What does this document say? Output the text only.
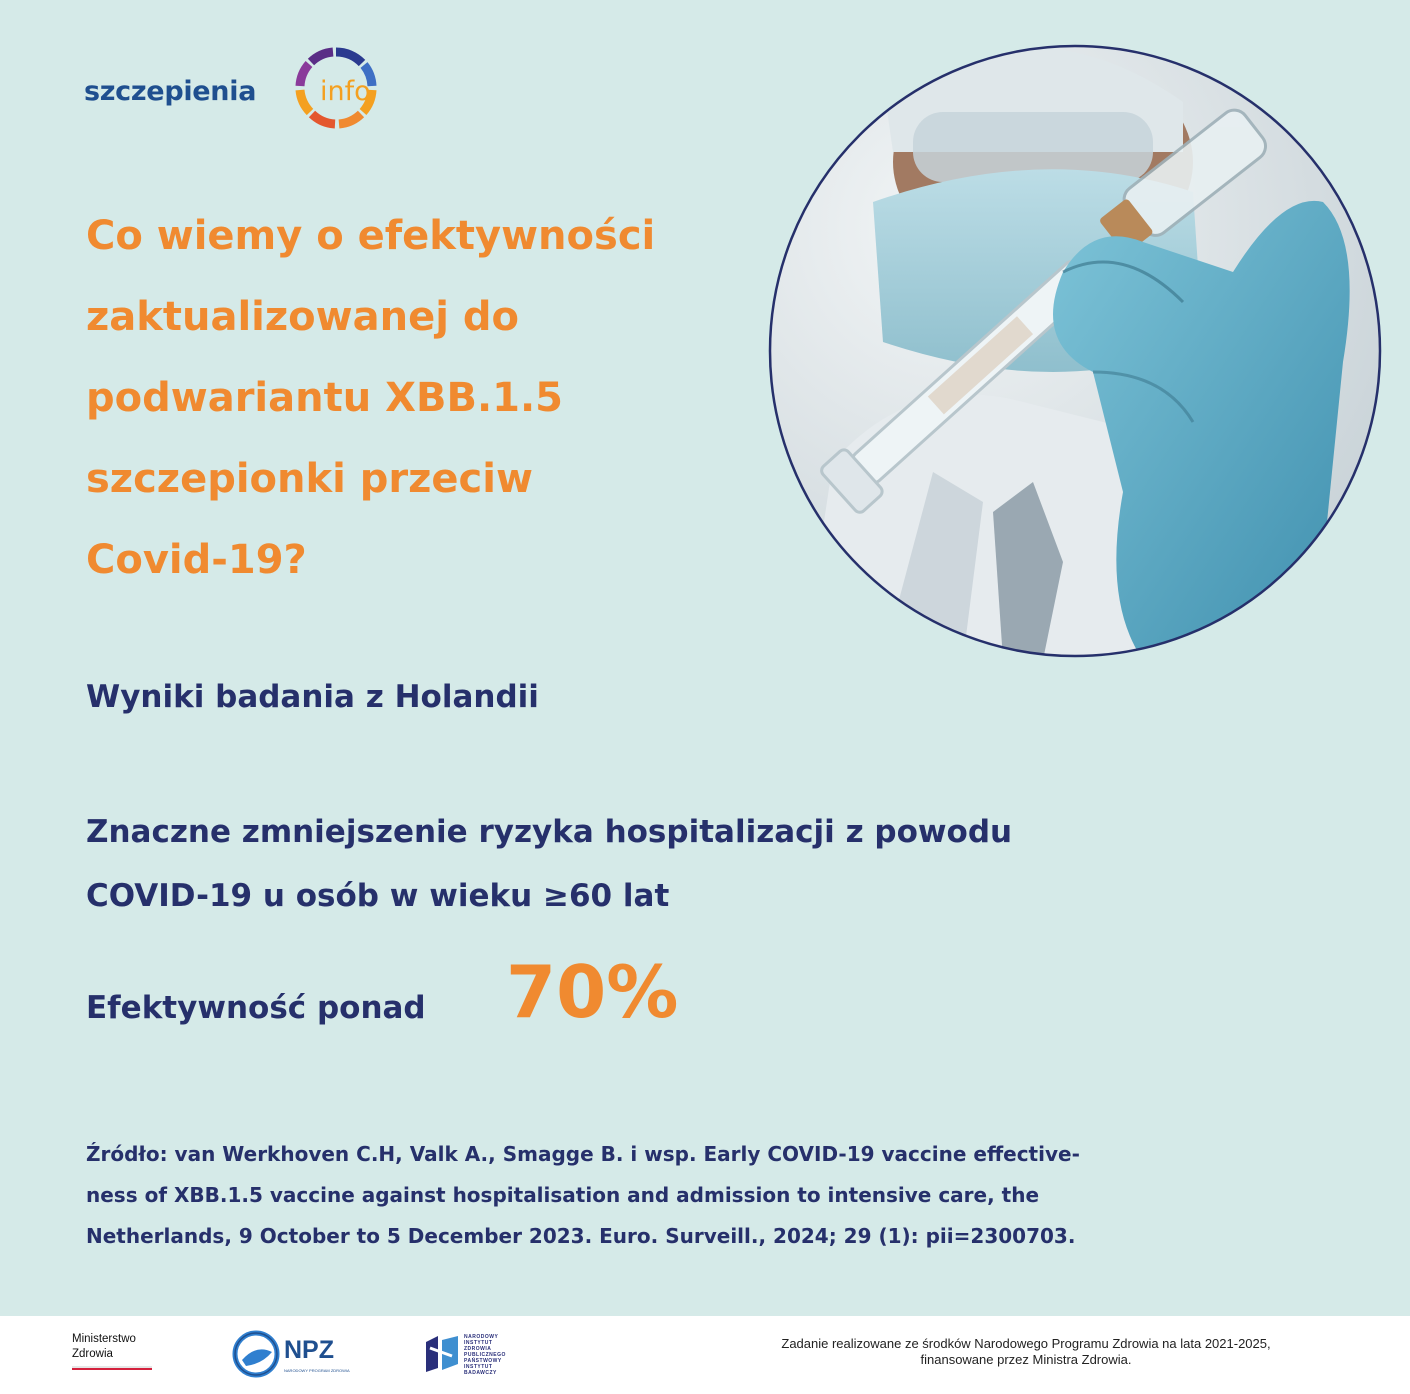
szczepienia info
Co wiemy o efektywności
zaktualizowanej do
podwariantu XBB.1.5
szczepionki przeciw
Covid-19?
Wyniki badania z Holandii

Znaczne zmniejszenie ryzyka hospitalizacji z powodu
COVID-19 u osób w wieku ≥60 lat

Efektywność ponad 70%

Źródło: van Werkhoven C.H, Valk A., Smagge B. i wsp. Early COVID-19 vaccine effective-
ness of XBB.1.5 vaccine against hospitalisation and admission to intensive care, the
Netherlands, 9 October to 5 December 2023. Euro. Surveill., 2024; 29 (1): pii=2300703.

Ministerstwo
Zdrowia	NPZ
NARODOWY PROGRAM ZDROWIA
NARODOWY
INSTYTUT
ZDROWIA
PUBLICZNEGO
PAŃSTWOWY INSTYTUT
BADAWCZY

Zadanie realizowane ze środków Narodowego Programu Zdrowia na lata 2021-2025,
finansowane przez Ministra Zdrowia.
